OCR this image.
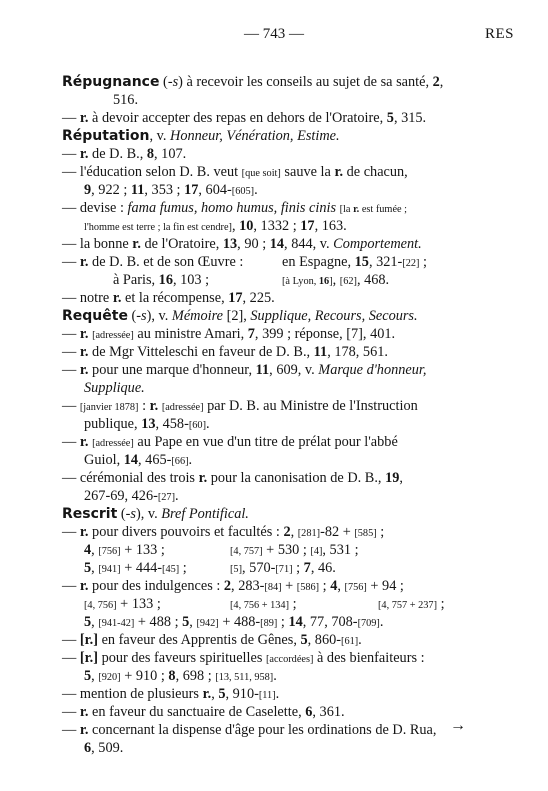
— 743 —	RES
Répugnance (-s) à recevoir les conseils au sujet de sa santé, 2,
516.
— r. à devoir accepter des repas en dehors de l'Oratoire, 5, 315.
Réputation, v. Honneur, Vénération, Estime.
— r. de D. B., 8, 107.
— l'éducation selon D. B. veut [que soit] sauve la r. de chacun,
9, 922 ; 11, 353 ; 17, 604-[605].
— devise : fama fumus, homo humus, finis cinis [la r. est fumée ;
l'homme est terre ; la fin est cendre], 10, 1332 ; 17, 163.
— la bonne r. de l'Oratoire, 13, 90 ; 14, 844, v. Comportement.
— r. de D. B. et de son Œuvre :	en Espagne, 15, 321-[22] ;
à Paris, 16, 103 ;	[à Lyon, 16], [62], 468.
— notre r. et la récompense, 17, 225.
Requête (-s), v. Mémoire [2], Supplique, Recours, Secours.
— r. [adressée] au ministre Amari, 7, 399 ; réponse, [7], 401.
— r. de Mgr Vitteleschi en faveur de D. B., 11, 178, 561.
— r. pour une marque d'honneur, 11, 609, v. Marque d'honneur,
Supplique.
— [janvier 1878] : r. [adressée] par D. B. au Ministre de l'Instruction
publique, 13, 458-[60].
— r. [adressée] au Pape en vue d'un titre de prélat pour l'abbé
Guiol, 14, 465-[66].
— cérémonial des trois r. pour la canonisation de D. B., 19,
267-69, 426-[27].
Rescrit (-s), v. Bref Pontifical.
— r. pour divers pouvoirs et facultés : 2, [281]-82 + [585] ;
4, [756] + 133 ;	[4, 757] + 530 ; [4], 531 ;
5, [941] + 444-[45] ;	[5], 570-[71] ; 7, 46.
— r. pour des indulgences : 2, 283-[84] + [586] ; 4, [756] + 94 ;
[4, 756] + 133 ;	[4, 756 + 134] ;	[4, 757 + 237] ;
5, [941-42] + 488 ; 5, [942] + 488-[89] ; 14, 77, 708-[709].
— [r.] en faveur des Apprentis de Gênes, 5, 860-[61].
— [r.] pour des faveurs spirituelles [accordées] à des bienfaiteurs :
5, [920] + 910 ; 8, 698 ; [13, 511, 958].
— mention de plusieurs r., 5, 910-[11].
— r. en faveur du sanctuaire de Caselette, 6, 361.
— r. concernant la dispense d'âge pour les ordinations de D. Rua,
6, 509.
→
